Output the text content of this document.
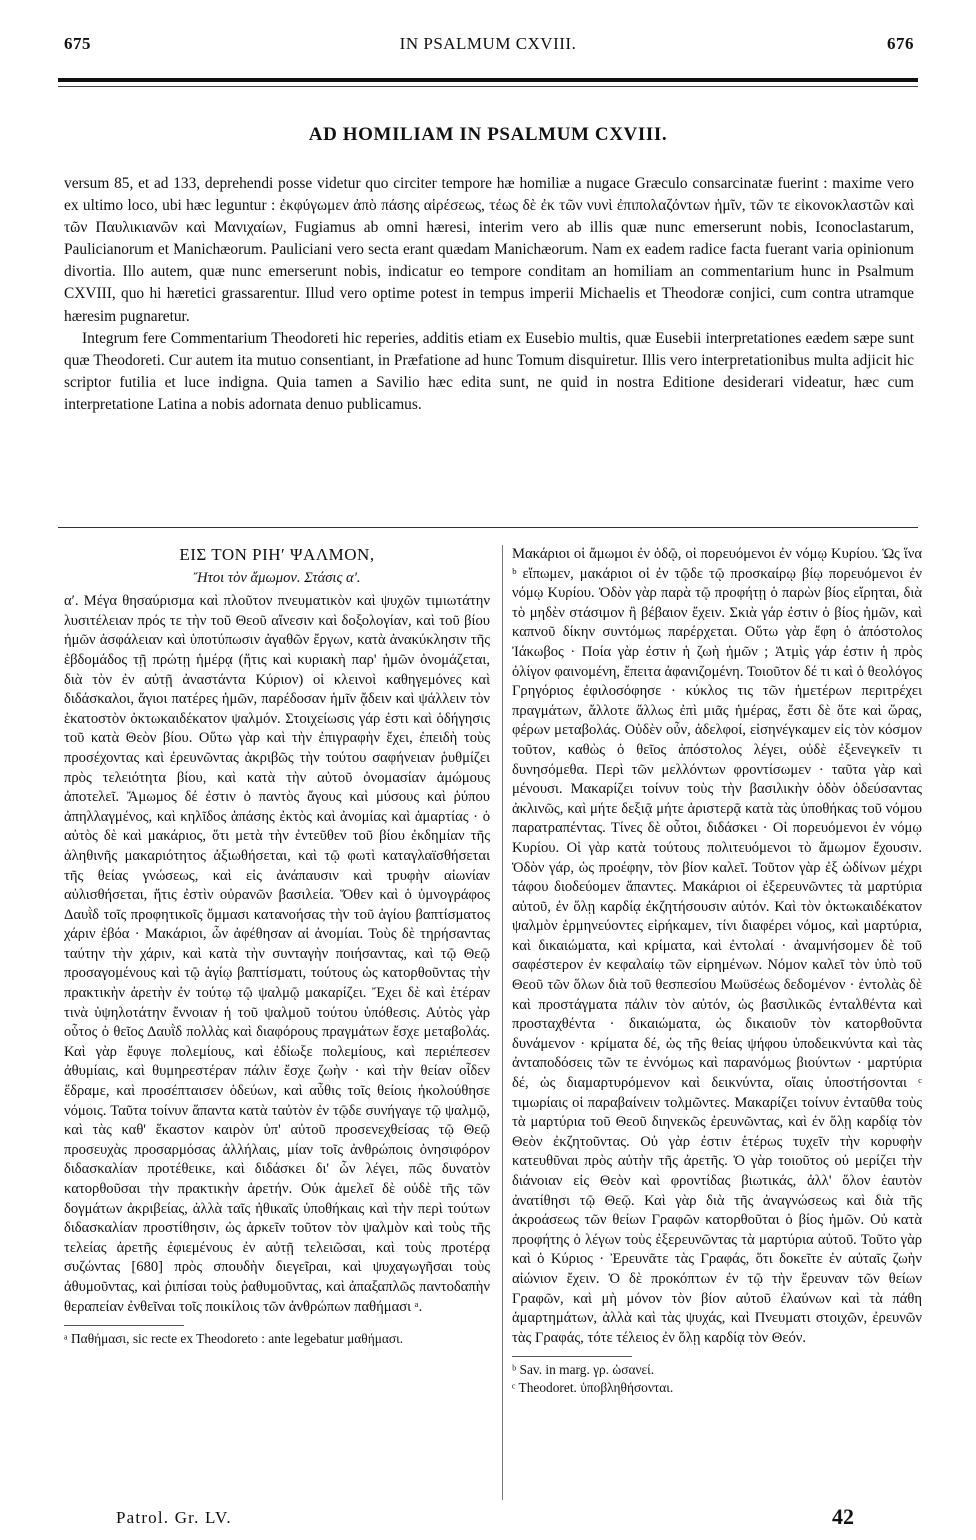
675	IN PSALMUM CXVIII.	676
AD HOMILIAM IN PSALMUM CXVIII.

versum 85, et ad 133, deprehendi posse videtur quo circiter tempore hæ homiliæ a nugace Græculo consarcinatæ fuerint : maxime vero ex ultimo loco, ubi hæc leguntur : ἐκφύγωμεν ἀπὸ πάσης αἱρέσεως, τέως δὲ ἐκ τῶν νυνὶ ἐπιπολαζόντων ἡμῖν, τῶν τε εἰκονοκλαστῶν καὶ τῶν Παυλικιανῶν καὶ Μανιχαίων, Fugiamus ab omni hæresi, interim vero ab illis quæ nunc emerserunt nobis, Iconoclastarum, Paulicianorum et Manichæorum. Pauliciani vero secta erant quædam Manichæorum. Nam ex eadem radice facta fuerant varia opinionum divortia. Illo autem, quæ nunc emerserunt nobis, indicatur eo tempore conditam an homiliam an commentarium hunc in Psalmum CXVIII, quo hi hæretici grassarentur. Illud vero optime potest in tempus imperii Michaelis et Theodoræ conjici, cum contra utramque hæresim pugnaretur.

Integrum fere Commentarium Theodoreti hic reperies, additis etiam ex Eusebio multis, quæ Eusebii interpretationes eædem sæpe sunt quæ Theodoreti. Cur autem ita mutuo consentiant, in Præfatione ad hunc Tomum disquiretur. Illis vero interpretationibus multa adjicit hic scriptor futilia et luce indigna. Quia tamen a Savilio hæc edita sunt, ne quid in nostra Editione desiderari videatur, hæc cum interpretatione Latina a nobis adornata denuo publicamus.

ΕΙΣ ΤΟΝ ΡΙΗʹ ΨΑΛΜΟΝ,
Ἤτοι τὸν ἄμωμον. Στάσις αʹ.

αʹ. Μέγα θησαύρισμα καὶ πλοῦτον πνευματικὸν καὶ ψυχῶν τιμιωτάτην λυσιτέλειαν πρός τε τὴν τοῦ Θεοῦ αἴνεσιν καὶ δοξολογίαν, καὶ τοῦ βίου ἡμῶν ἀσφάλειαν καὶ ὑποτύπωσιν ἀγαθῶν ἔργων, κατὰ ἀνακύκλησιν τῆς ἑβδομάδος τῇ πρώτῃ ἡμέρᾳ (ἥτις καὶ κυριακὴ παρ' ἡμῶν ὀνομάζεται, διὰ τὸν ἐν αὐτῇ ἀναστάντα Κύριον) οἱ κλεινοὶ καθηγεμόνες καὶ διδάσκαλοι, ἅγιοι πατέρες ἡμῶν, παρέδοσαν ἡμῖν ᾄδειν καὶ ψάλλειν τὸν ἑκατοστὸν ὀκτωκαιδέκατον ψαλμόν. Στοιχείωσις γάρ ἐστι καὶ ὁδήγησις τοῦ κατὰ Θεὸν βίου. Οὕτω γὰρ καὶ τὴν ἐπιγραφὴν ἔχει, ἐπειδὴ τοὺς προσέχοντας καὶ ἐρευνῶντας ἀκριβῶς τὴν τούτου σαφήνειαν ῥυθμίζει πρὸς τελειότητα βίου, καὶ κατὰ τὴν αὐτοῦ ὀνομασίαν ἀμώμους ἀποτελεῖ. Ἄμωμος δέ ἐστιν ὁ παντὸς ἄγους καὶ μύσους καὶ ῥύπου ἀπηλλαγμένος, καὶ κηλῖδος ἁπάσης ἐκτὸς καὶ ἀνομίας καὶ ἁμαρτίας · ὁ αὐτὸς δὲ καὶ μακάριος, ὅτι μετὰ τὴν ἐντεῦθεν τοῦ βίου ἐκδημίαν τῆς ἀληθινῆς μακαριότητος ἀξιωθήσεται, καὶ τῷ φωτὶ καταγλαϊσθήσεται τῆς θείας γνώσεως, καὶ εἰς ἀνάπαυσιν καὶ τρυφὴν αἰωνίαν αὐλισθήσεται, ἥτις ἐστὶν οὐρανῶν βασιλεία. Ὅθεν καὶ ὁ ὑμνογράφος Δαυῒδ τοῖς προφητικοῖς ὄμμασι κατανοήσας τὴν τοῦ ἁγίου βαπτίσματος χάριν ἐβόα · Μακάριοι, ὧν ἀφέθησαν αἱ ἀνομίαι. Τοὺς δὲ τηρήσαντας ταύτην τὴν χάριν, καὶ κατὰ τὴν συνταγὴν ποιήσαντας, καὶ τῷ Θεῷ προσαγομένους καὶ τῷ ἁγίῳ βαπτίσματι, τούτους ὡς κατορθοῦντας τὴν πρακτικὴν ἀρετὴν ἐν τούτῳ τῷ ψαλμῷ μακαρίζει. Ἔχει δὲ καὶ ἑτέραν τινὰ ὑψηλοτάτην ἔννοιαν ἡ τοῦ ψαλμοῦ τούτου ὑπόθεσις. Αὐτὸς γὰρ οὗτος ὁ θεῖος Δαυῒδ πολλὰς καὶ διαφόρους πραγμάτων ἔσχε μεταβολάς. Καὶ γὰρ ἔφυγε πολεμίους, καὶ ἐδίωξε πολεμίους, καὶ περιέπεσεν ἀθυμίαις, καὶ θυμηρεστέραν πάλιν ἔσχε ζωὴν · καὶ τὴν θείαν οἶδεν ἕδραμε, καὶ προσέπταισεν ὁδεύων, καὶ αὖθις τοῖς θείοις ἠκολούθησε νόμοις. Ταῦτα τοίνυν ἅπαντα κατὰ ταὐτὸν ἐν τῷδε συνήγαγε τῷ ψαλμῷ, καὶ τὰς καθ' ἕκαστον καιρὸν ὑπ' αὐτοῦ προσενεχθείσας τῷ Θεῷ προσευχὰς προσαρμόσας ἀλλήλαις, μίαν τοῖς ἀνθρώποις ὀνησιφόρον διδασκαλίαν προτέθεικε, καὶ διδάσκει δι' ὧν λέγει, πῶς δυνατὸν κατορθοῦσαι τὴν πρακτικὴν ἀρετήν. Οὐκ ἀμελεῖ δὲ οὐδὲ τῆς τῶν δογμάτων ἀκριβείας, ἀλλὰ ταῖς ἠθικαῖς ὑποθήκαις καὶ τὴν περὶ τούτων διδασκαλίαν προστίθησιν, ὡς ἀρκεῖν τοῦτον τὸν ψαλμὸν καὶ τοὺς τῆς τελείας ἀρετῆς ἐφιεμένους ἐν αὐτῇ τελειῶσαι, καὶ τοὺς προτέρᾳ συζώντας [680] πρὸς σπουδὴν διεγεῖραι, καὶ ψυχαγωγῆσαι τοὺς ἀθυμοῦντας, καὶ ῥιπίσαι τοὺς ῥαθυμοῦντας, καὶ ἀπαξαπλῶς παντοδαπὴν θεραπείαν ἐνθεῖναι τοῖς ποικίλοις τῶν ἀνθρώπων παθήμασι ᵃ.

ᵃ Παθήμασι, sic recte ex Theodoreto : ante legebatur μαθήμασι.

Μακάριοι οἱ ἄμωμοι ἐν ὁδῷ, οἱ πορευόμενοι ἐν νόμῳ Κυρίου. Ὡς ἵνα ᵇ εἴπωμεν, μακάριοι οἱ ἐν τῷδε τῷ προσκαίρῳ βίῳ πορευόμενοι ἐν νόμῳ Κυρίου. Ὁδὸν γὰρ παρὰ τῷ προφήτῃ ὁ παρὼν βίος εἴρηται, διὰ τὸ μηδὲν στάσιμον ἢ βέβαιον ἔχειν. Σκιὰ γάρ ἐστιν ὁ βίος ἡμῶν, καὶ καπνοῦ δίκην συντόμως παρέρχεται. Οὕτω γὰρ ἔφη ὁ ἀπόστολος Ἰάκωβος · Ποία γὰρ ἐστιν ἡ ζωὴ ἡμῶν ; Ἀτμὶς γάρ ἐστιν ἡ πρὸς ὀλίγον φαινομένη, ἔπειτα ἀφανιζομένη. Τοιοῦτον δέ τι καὶ ὁ θεολόγος Γρηγόριος ἐφιλοσόφησε · κύκλος τις τῶν ἡμετέρων περιτρέχει πραγμάτων, ἄλλοτε ἄλλως ἐπὶ μιᾶς ἡμέρας, ἔστι δὲ ὅτε καὶ ὥρας, φέρων μεταβολάς. Οὐδὲν οὖν, ἀδελφοί, εἰσηνέγκαμεν εἰς τὸν κόσμον τοῦτον, καθὼς ὁ θεῖος ἀπόστολος λέγει, οὐδὲ ἐξενεγκεῖν τι δυνησόμεθα. Περὶ τῶν μελλόντων φροντίσωμεν · ταῦτα γὰρ καὶ μένουσι. Μακαρίζει τοίνυν τοὺς τὴν βασιλικὴν ὁδὸν ὁδεύσαντας ἀκλινῶς, καὶ μήτε δεξιᾷ μήτε ἀριστερᾷ κατὰ τὰς ὑποθήκας τοῦ νόμου παρατραπέντας. Τίνες δὲ οὗτοι, διδάσκει · Οἱ πορευόμενοι ἐν νόμῳ Κυρίου. Οἱ γὰρ κατὰ τούτους πολιτευόμενοι τὸ ἄμωμον ἔχουσιν. Ὁδὸν γάρ, ὡς προέφην, τὸν βίον καλεῖ. Τοῦτον γὰρ ἐξ ὠδίνων μέχρι τάφου διοδεύομεν ἅπαντες. Μακάριοι οἱ ἐξερευνῶντες τὰ μαρτύρια αὐτοῦ, ἐν ὅλῃ καρδίᾳ ἐκζητήσουσιν αὐτόν. Καὶ τὸν ὀκτωκαιδέκατον ψαλμὸν ἑρμηνεύοντες εἰρήκαμεν, τίνι διαφέρει νόμος, καὶ μαρτύρια, καὶ δικαιώματα, καὶ κρίματα, καὶ ἐντολαί · ἀναμνήσομεν δὲ τοῦ σαφέστερον ἐν κεφαλαίῳ τῶν εἰρημένων. Νόμον καλεῖ τὸν ὑπὸ τοῦ Θεοῦ τῶν ὅλων διὰ τοῦ θεσπεσίου Μωϋσέως δεδομένον · ἐντολὰς δὲ καὶ προστάγματα πάλιν τὸν αὐτόν, ὡς βασιλικῶς ἐνταλθέντα καὶ προσταχθέντα · δικαιώματα, ὡς δικαιοῦν τὸν κατορθοῦντα δυνάμενον · κρίματα δέ, ὡς τῆς θείας ψήφου ὑποδεικνύντα καὶ τὰς ἀνταποδόσεις τῶν τε ἐννόμως καὶ παρανόμως βιούντων · μαρτύρια δέ, ὡς διαμαρτυρόμενον καὶ δεικνύντα, οἵαις ὑποστήσονται ᶜ τιμωρίαις οἱ παραβαίνειν τολμῶντες. Μακαρίζει τοίνυν ἐνταῦθα τοὺς τὰ μαρτύρια τοῦ Θεοῦ διηνεκῶς ἐρευνῶντας, καὶ ἐν ὅλῃ καρδίᾳ τὸν Θεὸν ἐκζητοῦντας. Οὐ γὰρ ἐστιν ἑτέρως τυχεῖν τὴν κορυφὴν κατευθῦναι πρὸς αὐτὴν τῆς ἀρετῆς. Ὁ γὰρ τοιοῦτος οὐ μερίζει τὴν διάνοιαν εἰς Θεὸν καὶ φροντίδας βιωτικάς, ἀλλ' ὅλον ἑαυτὸν ἀνατίθησι τῷ Θεῷ. Καὶ γὰρ διὰ τῆς ἀναγνώσεως καὶ διὰ τῆς ἀκροάσεως τῶν θείων Γραφῶν κατορθοῦται ὁ βίος ἡμῶν. Οὐ κατὰ προφήτης ὁ λέγων τοὺς ἐξερευνῶντας τὰ μαρτύρια αὐτοῦ. Τοῦτο γὰρ καὶ ὁ Κύριος · Ἐρευνᾶτε τὰς Γραφάς, ὅτι δοκεῖτε ἐν αὐταῖς ζωὴν αἰώνιον ἔχειν. Ὁ δὲ προκόπτων ἐν τῷ τὴν ἔρευναν τῶν θείων Γραφῶν, καὶ μὴ μόνον τὸν βίον αὐτοῦ ἐλαύνων καὶ τὰ πάθη ἁμαρτημάτων, ἀλλὰ καὶ τὰς ψυχάς, καὶ Πνευματι στοιχῶν, ἐρευνῶν τὰς Γραφάς, τότε τέλειος ἐν ὅλῃ καρδίᾳ τὸν Θεόν.

ᵇ Sav. in marg. γρ. ὡσανεί.
ᶜ Theodoret. ὑποβληθήσονται.
Patrol. Gr. LV.	42
